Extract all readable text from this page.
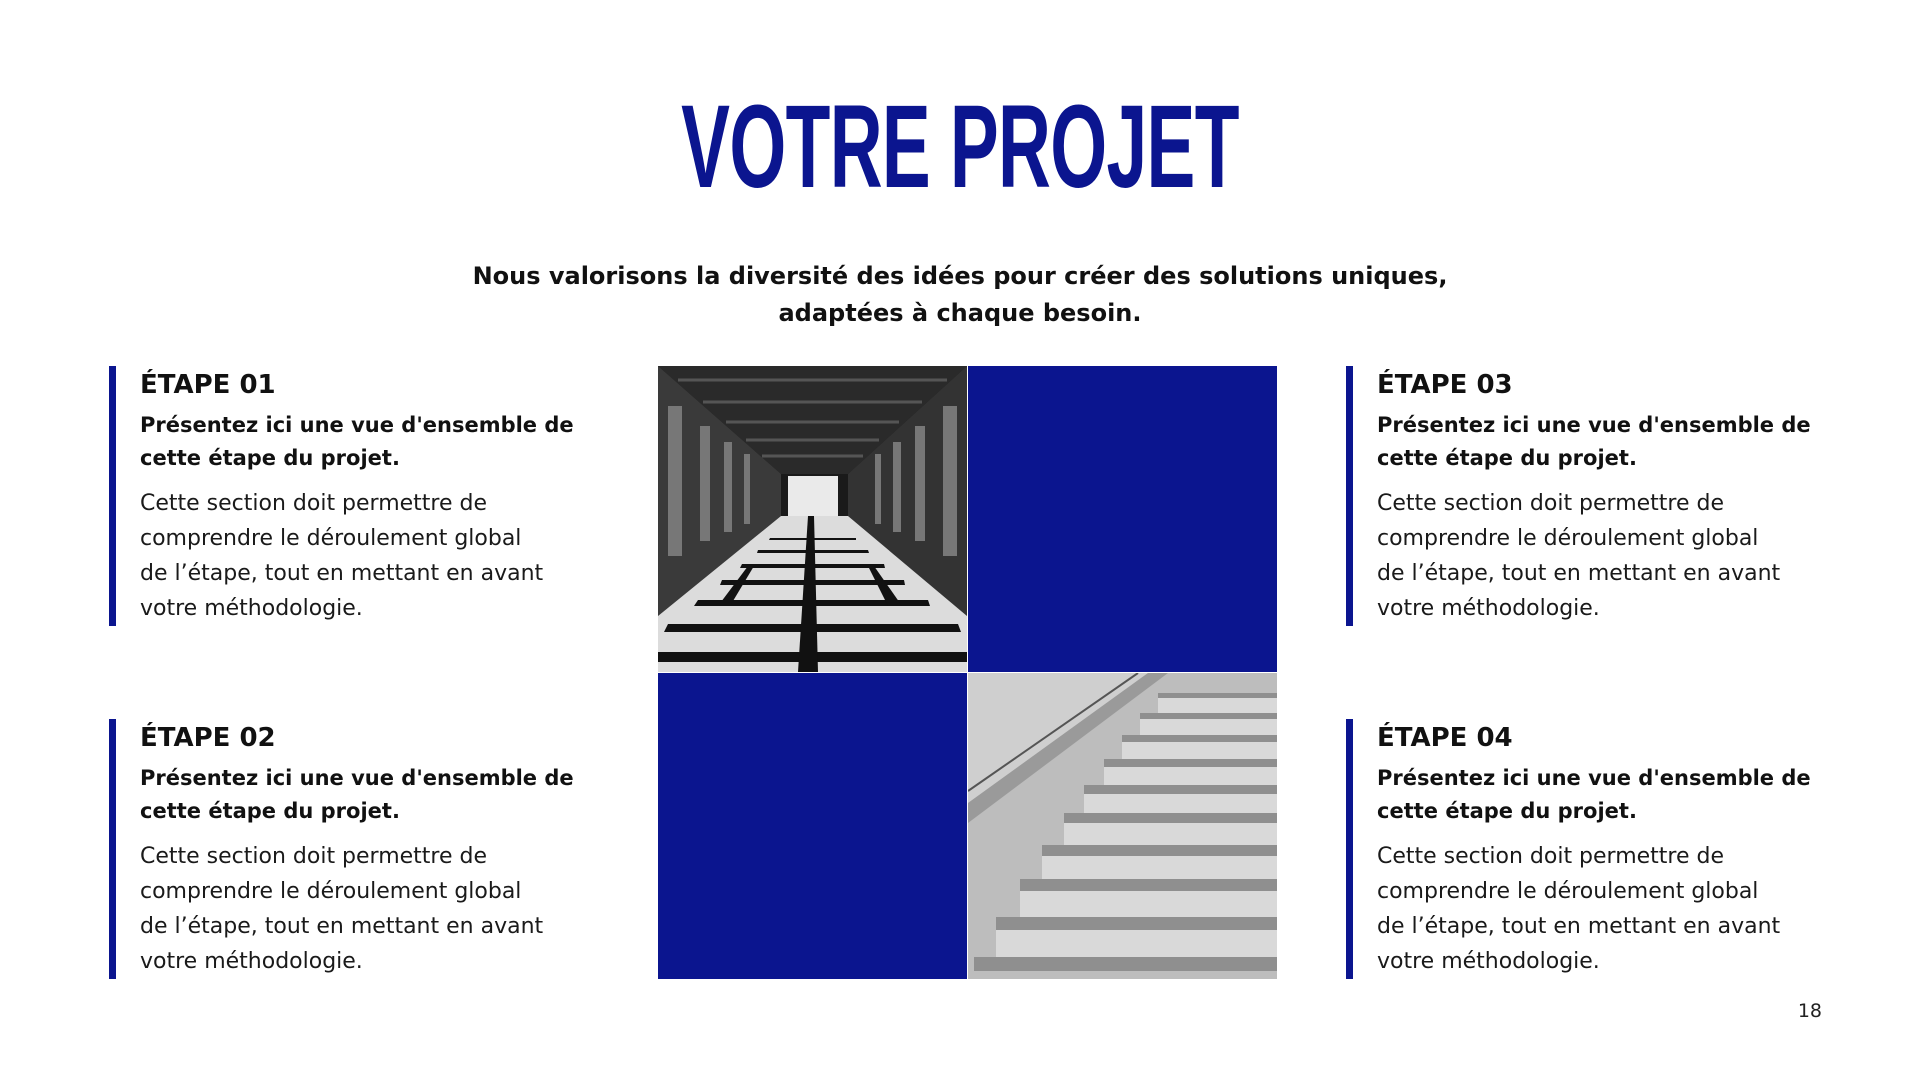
VOTRE PROJET
Nous valorisons la diversité des idées pour créer des solutions uniques,
adaptées à chaque besoin.
ÉTAPE 01
Présentez ici une vue d'ensemble de
cette étape du projet.
Cette section doit permettre de
comprendre le déroulement global
de l’étape, tout en mettant en avant
votre méthodologie.
ÉTAPE 02
Présentez ici une vue d'ensemble de
cette étape du projet.
Cette section doit permettre de
comprendre le déroulement global
de l’étape, tout en mettant en avant
votre méthodologie.
ÉTAPE 03
Présentez ici une vue d'ensemble de
cette étape du projet.
Cette section doit permettre de
comprendre le déroulement global
de l’étape, tout en mettant en avant
votre méthodologie.
ÉTAPE 04
Présentez ici une vue d'ensemble de
cette étape du projet.
Cette section doit permettre de
comprendre le déroulement global
de l’étape, tout en mettant en avant
votre méthodologie.
18
